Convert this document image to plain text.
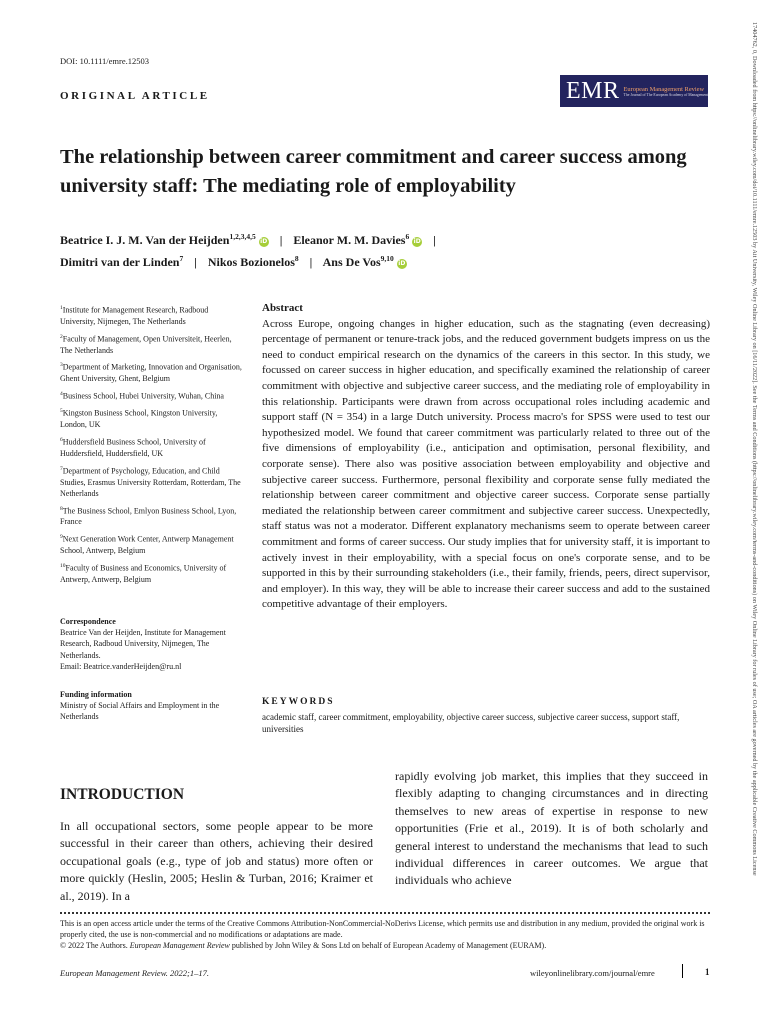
DOI: 10.1111/emre.12503
ORIGINAL ARTICLE	EMR European Management Review
The Journal of The European Academy of Management
The relationship between career commitment and career success among university staff: The mediating role of employability
Beatrice I. J. M. Van der Heijden$^{1,2,3,4,5}$iD | Eleanor M. M. Davies$^6$iD |
Dimitri van der Linden$^7$ | Nikos Bozionelos$^8$ | Ans De Vos$^{9,10}$iD
$^1$Institute for Management Research, Radboud University, Nijmegen, The Netherlands
$^2$Faculty of Management, Open Universiteit, Heerlen, The Netherlands
$^3$Department of Marketing, Innovation and Organisation, Ghent University, Ghent, Belgium
$^4$Business School, Hubei University, Wuhan, China
$^5$Kingston Business School, Kingston University, London, UK
$^6$Huddersfield Business School, University of Huddersfield, Huddersfield, UK
$^7$Department of Psychology, Education, and Child Studies, Erasmus University Rotterdam, Rotterdam, The Netherlands
$^8$The Business School, Emlyon Business School, Lyon, France
$^9$Next Generation Work Center, Antwerp Management School, Antwerp, Belgium
$^{10}$Faculty of Business and Economics, University of Antwerp, Antwerp, Belgium

Correspondence

Beatrice Van der Heijden, Institute for Management Research, Radboud University, Nijmegen, The Netherlands.
Email: Beatrice.vanderHeijden@ru.nl

Funding information

Ministry of Social Affairs and Employment in the Netherlands
Abstract

Across Europe, ongoing changes in higher education, such as the stagnating (even decreasing) percentage of permanent or tenure-track jobs, and the reduced government budgets impress on us the need to conduct empirical research on the dynamics of the careers in this sector. In this study, we focussed on career success in higher education, and specifically examined the relationship of career commitment with objective and subjective career success, and the mediating role of employability in this relationship. Participants were drawn from across occupational roles including academic and support staff (N = 354) in a large Dutch university. Process macro's for SPSS were used to test our hypothesized model. We found that career commitment was particularly related to three out of the five dimensions of employability (i.e., anticipation and optimisation, personal flexibility, and corporate sense). There also was positive association between employability and objective and subjective career success. Furthermore, personal flexibility and corporate sense fully mediated the relationship between career commitment and objective career success. Corporate sense partially mediated the relationship between career commitment and subjective career success. Unexpectedly, staff status was not a moderator. Different explanatory mechanisms seem to operate between career commitment and forms of career success. Our study implies that for university staff, it is important to actively invest in their employability, with a special focus on one's corporate sense, and to be supported in this by their surrounding stakeholders (i.e., their family, friends, peers, direct supervisor, and employer). In this way, they will be able to increase their career success and add to the sustained competitive advantage of their employers.

KEYWORDS
academic staff, career commitment, employability, objective career success, subjective career success, support staff, universities
INTRODUCTION

In all occupational sectors, some people appear to be more successful in their career than others, achieving their desired occupational goals (e.g., type of job and status) more often or more quickly (Heslin, 2005; Heslin & Turban, 2016; Kraimer et al., 2019). In a

rapidly evolving job market, this implies that they succeed in flexibly adapting to changing circumstances and in directing themselves to new areas of expertise in response to new opportunities (Frie et al., 2019). It is of both scholarly and general interest to understand the mechanisms that lead to such individual differences in career outcomes. We argue that individuals who achieve

This is an open access article under the terms of the Creative Commons Attribution-NonCommercial-NoDerivs License, which permits use and distribution in any medium, provided the original work is properly cited, the use is non-commercial and no modifications or adaptations are made.

© 2022 The Authors. European Management Review published by John Wiley & Sons Ltd on behalf of European Academy of Management (EURAM).

European Management Review. 2022;1–17.	wileyonlinelibrary.com/journal/emre	1
17404762, 0, Downloaded from https://onlinelibrary.wiley.com/doi/10.1111/emre.12503 by Ait University, Wiley Online Library on [16/11/2022]. See the Terms and Conditions (https://onlinelibrary.wiley.com/terms-and-conditions) on Wiley Online Library for rules of use; OA articles are governed by the applicable Creative Commons License
